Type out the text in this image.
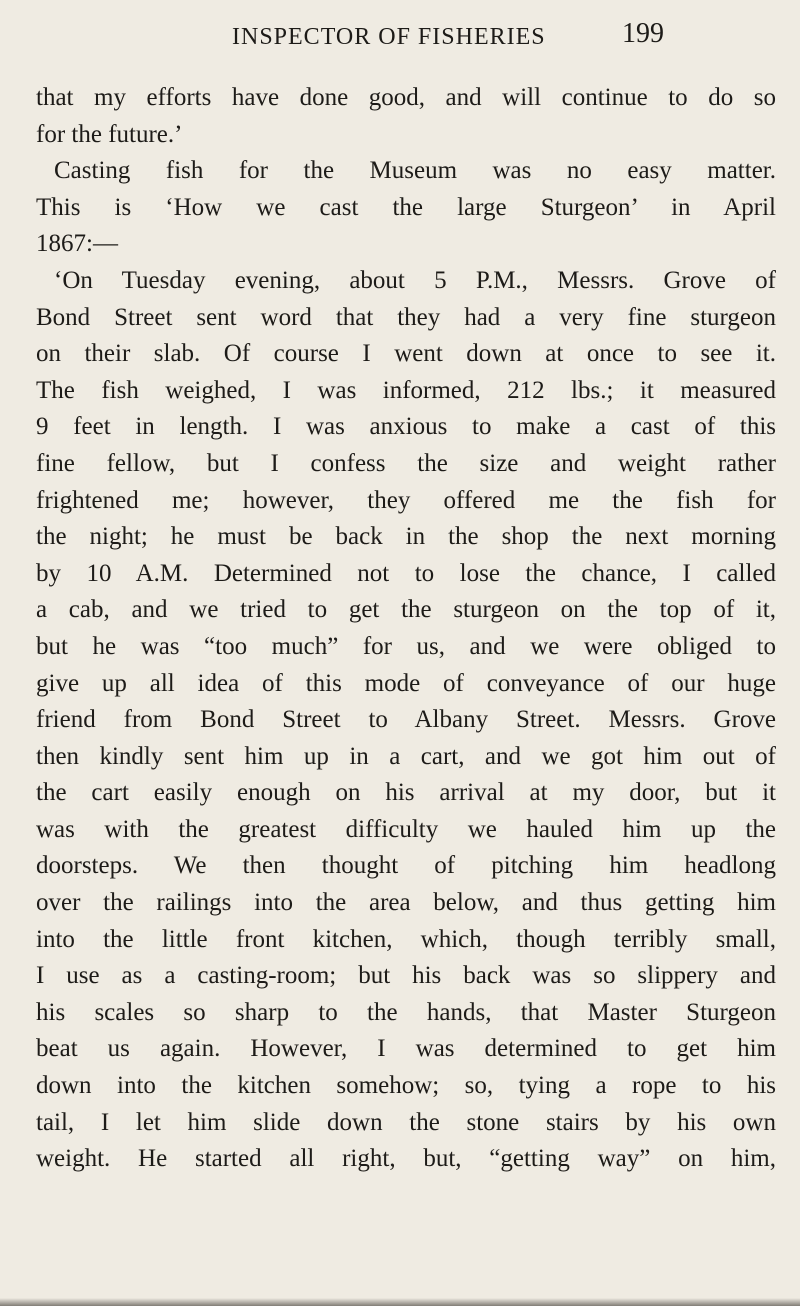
INSPECTOR OF FISHERIES	199
that my efforts have done good, and will continue to do so
for the future.’
Casting fish for the Museum was no easy matter.
This is ‘How we cast the large Sturgeon’ in April
1867:—
‘On Tuesday evening, about 5 P.M., Messrs. Grove of
Bond Street sent word that they had a very fine sturgeon
on their slab. Of course I went down at once to see it.
The fish weighed, I was informed, 212 lbs.; it measured
9 feet in length. I was anxious to make a cast of this
fine fellow, but I confess the size and weight rather
frightened me; however, they offered me the fish for
the night; he must be back in the shop the next morning
by 10 A.M. Determined not to lose the chance, I called
a cab, and we tried to get the sturgeon on the top of it,
but he was “too much” for us, and we were obliged to
give up all idea of this mode of conveyance of our huge
friend from Bond Street to Albany Street. Messrs. Grove
then kindly sent him up in a cart, and we got him out of
the cart easily enough on his arrival at my door, but it
was with the greatest difficulty we hauled him up the
doorsteps. We then thought of pitching him headlong
over the railings into the area below, and thus getting him
into the little front kitchen, which, though terribly small,
I use as a casting-room; but his back was so slippery and
his scales so sharp to the hands, that Master Sturgeon
beat us again. However, I was determined to get him
down into the kitchen somehow; so, tying a rope to his
tail, I let him slide down the stone stairs by his own
weight. He started all right, but, “getting way” on him,
